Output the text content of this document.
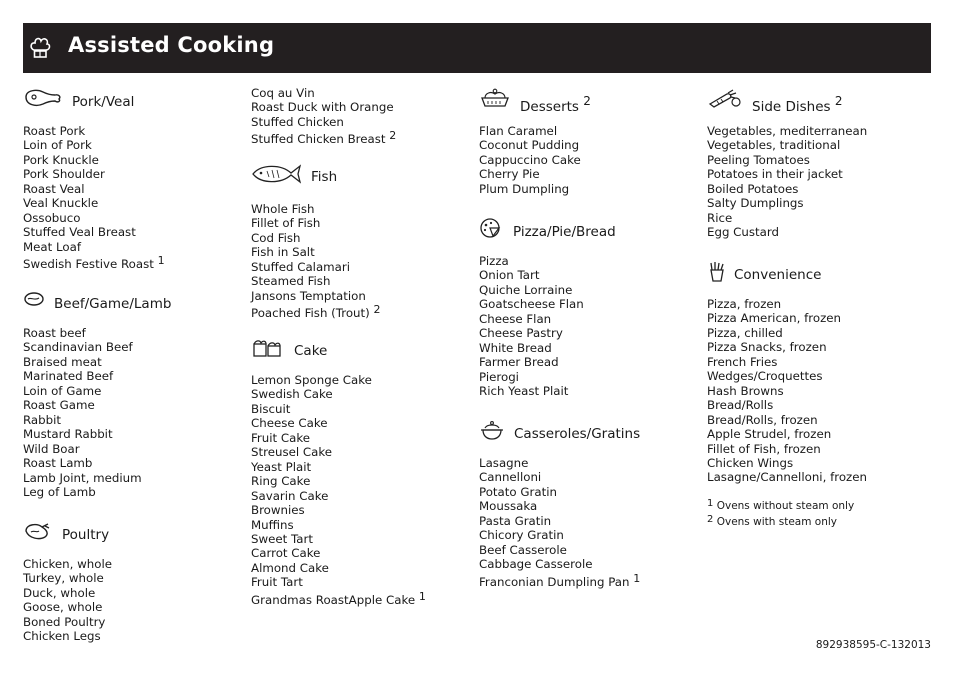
Assisted Cooking
Pork/Veal
Roast Pork
Loin of Pork
Pork Knuckle
Pork Shoulder
Roast Veal
Veal Knuckle
Ossobuco
Stuffed Veal Breast
Meat Loaf
Swedish Festive Roast $^1$
Beef/Game/Lamb
Roast beef
Scandinavian Beef
Braised meat
Marinated Beef
Loin of Game
Roast Game
Rabbit
Mustard Rabbit
Wild Boar
Roast Lamb
Lamb Joint, medium
Leg of Lamb
Poultry
Chicken, whole
Turkey, whole
Duck, whole
Goose, whole
Boned Poultry
Chicken Legs
Coq au Vin
Roast Duck with Orange
Stuffed Chicken
Stuffed Chicken Breast $^2$
Fish
Whole Fish
Fillet of Fish
Cod Fish
Fish in Salt
Stuffed Calamari
Steamed Fish
Jansons Temptation
Poached Fish (Trout) $^2$
Cake
Lemon Sponge Cake
Swedish Cake
Biscuit
Cheese Cake
Fruit Cake
Streusel Cake
Yeast Plait
Ring Cake
Savarin Cake
Brownies
Muffins
Sweet Tart
Carrot Cake
Almond Cake
Fruit Tart
Grandmas RoastApple Cake $^1$
Desserts $^2$
Flan Caramel
Coconut Pudding
Cappuccino Cake
Cherry Pie
Plum Dumpling
Pizza/Pie/Bread
Pizza
Onion Tart
Quiche Lorraine
Goatscheese Flan
Cheese Flan
Cheese Pastry
White Bread
Farmer Bread
Pierogi
Rich Yeast Plait
Casseroles/Gratins
Lasagne
Cannelloni
Potato Gratin
Moussaka
Pasta Gratin
Chicory Gratin
Beef Casserole
Cabbage Casserole
Franconian Dumpling Pan $^1$
Side Dishes $^2$
Vegetables, mediterranean
Vegetables, traditional
Peeling Tomatoes
Potatoes in their jacket
Boiled Potatoes
Salty Dumplings
Rice
Egg Custard
Convenience
Pizza, frozen
Pizza American, frozen
Pizza, chilled
Pizza Snacks, frozen
French Fries
Wedges/Croquettes
Hash Browns
Bread/Rolls
Bread/Rolls, frozen
Apple Strudel, frozen
Fillet of Fish, frozen
Chicken Wings
Lasagne/Cannelloni, frozen
$^1$ Ovens without steam only
$^2$ Ovens with steam only
892938595-C-132013
